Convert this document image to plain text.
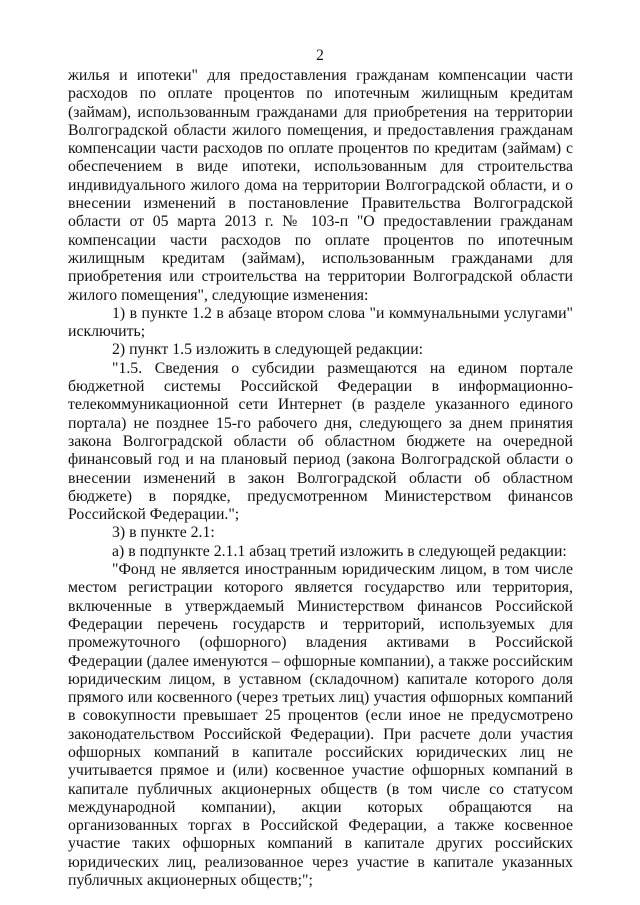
2

жилья и ипотеки" для предоставления гражданам компенсации части расходов по оплате процентов по ипотечным жилищным кредитам (займам), использованным гражданами для приобретения на территории Волгоградской области жилого помещения, и предоставления гражданам компенсации части расходов по оплате процентов по кредитам (займам) с обеспечением в виде ипотеки, использованным для строительства индивидуального жилого дома на территории Волгоградской области, и о внесении изменений в постановление Правительства Волгоградской области от 05 марта 2013 г. № 103-п "О предоставлении гражданам компенсации части расходов по оплате процентов по ипотечным жилищным кредитам (займам), использованным гражданами для приобретения или строительства на территории Волгоградской области жилого помещения", следующие изменения:

1) в пункте 1.2 в абзаце втором слова "и коммунальными услугами" исключить;

2) пункт 1.5 изложить в следующей редакции:

"1.5. Сведения о субсидии размещаются на едином портале бюджетной системы Российской Федерации в информационно-телекоммуникационной сети Интернет (в разделе указанного единого портала) не позднее 15-го рабочего дня, следующего за днем принятия закона Волгоградской области об областном бюджете на очередной финансовый год и на плановый период (закона Волгоградской области о внесении изменений в закон Волгоградской области об областном бюджете) в порядке, предусмотренном Министерством финансов Российской Федерации.";

3) в пункте 2.1:

а) в подпункте 2.1.1 абзац третий изложить в следующей редакции:

"Фонд не является иностранным юридическим лицом, в том числе местом регистрации которого является государство или территория, включенные в утверждаемый Министерством финансов Российской Федерации перечень государств и территорий, используемых для промежуточного (офшорного) владения активами в Российской Федерации (далее именуются – офшорные компании), а также российским юридическим лицом, в уставном (складочном) капитале которого доля прямого или косвенного (через третьих лиц) участия офшорных компаний в совокупности превышает 25 процентов (если иное не предусмотрено законодательством Российской Федерации). При расчете доли участия офшорных компаний в капитале российских юридических лиц не учитывается прямое и (или) косвенное участие офшорных компаний в капитале публичных акционерных обществ (в том числе со статусом международной компании), акции которых обращаются на организованных торгах в Российской Федерации, а также косвенное участие таких офшорных компаний в капитале других российских юридических лиц, реализованное через участие в капитале указанных публичных акционерных обществ;";
